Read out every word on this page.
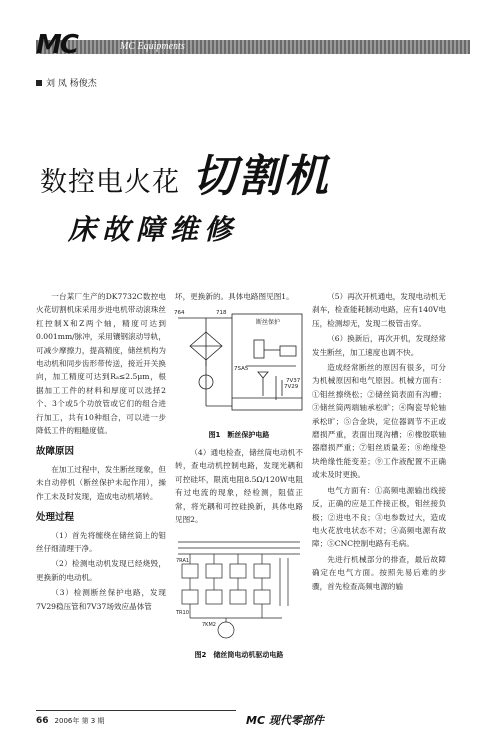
MC	MC Equipments
刘 凤 杨俊杰
数控电火花 切割机
床故障维修

一台某厂生产的DK7732C数控电火花切割机床采用步进电机带动滚珠丝杠控制X和Z两个轴，精度可达到0.001mm/脉冲，采用镶钢滚动导轨，可减少摩擦力，提高精度，储丝机构为电动机和同步齿形带传送，接近开关换向，加工精度可达到Rₐ≤2.5μm，根据加工工件的材料和厚度可以选择2个、3个或5个功放管或它们的组合进行加工，共有10种组合，可以进一步降低工件的粗糙度值。

故障原因

在加工过程中，发生断丝现象，但未自动停机（断丝保护未起作用），操作工未及时发现，造成电动机堵转。

处理过程

（1）首先将缠绕在储丝筒上的钼丝仔细清理干净。

（2）检测电动机发现已经烧毁，更换新的电动机。

（3）检测断丝保护电路，发现7V29稳压管和7V37场效应晶体管

坏，更换新的。具体电路图见图1。

764	718
断丝保护
7SA5
7V29
7V37
图1　断丝保护电路

（4）通电检查，储丝筒电动机不转，查电动机控制电路，发现光耦和可控硅坏，限流电阻8.5Ω/120W电阻有过电流的现象，经检测，阻值正常，将光耦和可控硅换新，具体电路见图2。

7RA1
TR10
7KM2
图2　储丝筒电动机驱动电路

（5）再次开机通电，发现电动机无刹车，检查能耗制动电路，应有140V电压，检测却无，发现二极管击穿。

（6）换新后，再次开机，发现经常发生断丝，加工速度也调不快。

造成经常断丝的原因有很多，可分为机械原因和电气原因。机械方面有：①钼丝擦绕松；②储丝筒表面有沟槽；③储丝筒两端轴承松旷；④陶瓷导轮轴承松旷；⑤合金块，定位器调节不正或磨损严重，表面出现沟槽；⑥橡胶联轴器磨损严重；⑦钼丝质量差；⑧绝缘垫块绝缘性能变差；⑨工作液配置不正确或未及时更换。

电气方面有：①高频电源输出线接反，正确的应是工件接正极，钼丝接负极；②进电不良；③电参数过大，造成电火花放电状态不对；④高频电源有故障；⑤CNC控制电路有毛病。

先进行机械部分的排查，最后故障确定在电气方面。按照先易后难的步骤，首先检查高频电源的输

66 2006年 第 3 期	MC 现代零部件
